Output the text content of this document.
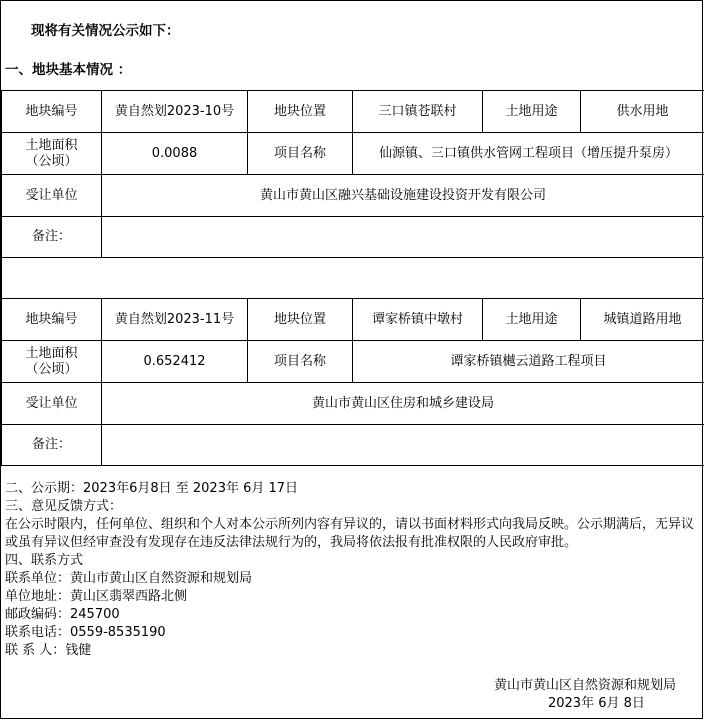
现将有关情况公示如下：
一、地块基本情况 ：
地块编号	黄自然划2023-10号	地块位置	三口镇苍联村	土地用途	供水用地
土地面积
（公顷）	0.0088	项目名称	仙源镇、三口镇供水管网工程项目（增压提升泵房）		
受让单位	黄山市黄山区融兴基础设施建设投资开发有限公司				
备注：					

地块编号	黄自然划2023-11号	地块位置	谭家桥镇中墩村	土地用途	城镇道路用地
土地面积
（公顷）	0.652412	项目名称	谭家桥镇樾云道路工程项目		
受让单位	黄山市黄山区住房和城乡建设局				
备注：					
二、公示期：2023年6月8日 至 2023年 6月 17日
三、意见反馈方式：
在公示时限内，任何单位、组织和个人对本公示所列内容有异议的，请以书面材料形式向我局反映。公示期满后，无异议或虽有异议但经审查没有发现存在违反法律法规行为的，我局将依法报有批准权限的人民政府审批。
四、联系方式
联系单位：黄山市黄山区自然资源和规划局
单位地址：黄山区翡翠西路北侧
邮政编码：245700
联系电话：0559-8535190
联 系 人：钱健
黄山市黄山区自然资源和规划局
2023年 6月 8日
